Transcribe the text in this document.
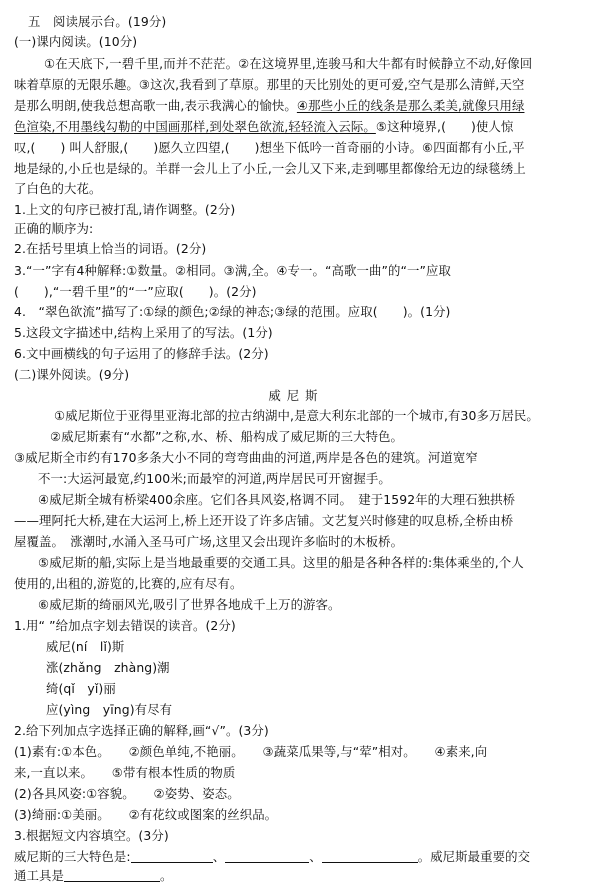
五　阅读展示台。(19分)
(一)课内阅读。(10分)
①在天底下,一碧千里,而并不茫茫。②在这境界里,连骏马和大牛都有时候静立不动,好像回
味着草原的无限乐趣。③这次,我看到了草原。那里的天比别处的更可爱,空气是那么清鲜,天空
是那么明朗,使我总想高歌一曲,表示我满心的愉快。④那些小丘的线条是那么柔美,就像只用绿
色渲染,不用墨线勾勒的中国画那样,到处翠色欲流,轻轻流入云际。⑤这种境界,(　　)使人惊
叹,(　　) 叫人舒服,(　　)愿久立四望,(　　)想坐下低吟一首奇丽的小诗。⑥四面都有小丘,平
地是绿的,小丘也是绿的。羊群一会儿上了小丘,一会儿又下来,走到哪里都像给无边的绿毯绣上
了白色的大花。
1.上文的句序已被打乱,请作调整。(2分)
正确的顺序为:
2.在括号里填上恰当的词语。(2分)
3.“一”字有4种解释:①数量。②相同。③满,全。④专一。“高歌一曲”的“一”应取
(　　),“一碧千里”的“一”应取(　　)。(2分)
4.　“翠色欲流”描写了:①绿的颜色;②绿的神态;③绿的范围。应取(　　)。(1分)
5.这段文字描述中,结构上采用了的写法。(1分)
6.文中画横线的句子运用了的修辞手法。(2分)
(二)课外阅读。(9分)
威尼斯
①威尼斯位于亚得里亚海北部的拉古纳湖中,是意大利东北部的一个城市,有30多万居民。
②威尼斯素有“水都”之称,水、桥、船构成了威尼斯的三大特色。
③威尼斯全市约有170多条大小不同的弯弯曲曲的河道,两岸是各色的建筑。河道宽窄
不一:大运河最宽,约100米;而最窄的河道,两岸居民可开窗握手。
④威尼斯全城有桥梁400余座。它们各具风姿,格调不同。　建于1592年的大理石独拱桥
——理阿托大桥,建在大运河上,桥上还开设了许多店铺。文艺复兴时修建的叹息桥,全桥由桥
屋覆盖。　涨潮时,水涌入圣马可广场,这里又会出现许多临时的木板桥。
⑤威尼斯的船,实际上是当地最重要的交通工具。这里的船是各种各样的:集体乘坐的,个人
使用的,出租的,游览的,比赛的,应有尽有。
⑥威尼斯的绮丽风光,吸引了世界各地成千上万的游客。
1.用“ ”给加点字划去错误的读音。(2分)
威尼(ní　lǐ)斯
涨(zhǎng　zhàng)潮
绮(qǐ　yǐ)丽
应(yìng　yīng)有尽有
2.给下列加点字选择正确的解释,画“√”。(3分)
(1)素有:①本色。　　②颜色单纯,不艳丽。　　③蔬菜瓜果等,与“荤”相对。　　④素来,向
来,一直以来。　　⑤带有根本性质的物质
(2)各具风姿:①容貌。　　②姿势、姿态。
(3)绮丽:①美丽。　　②有花纹或图案的丝织品。
3.根据短文内容填空。(3分)
威尼斯的三大特色是:	、	、	。威尼斯最重要的交
通工具是	。
